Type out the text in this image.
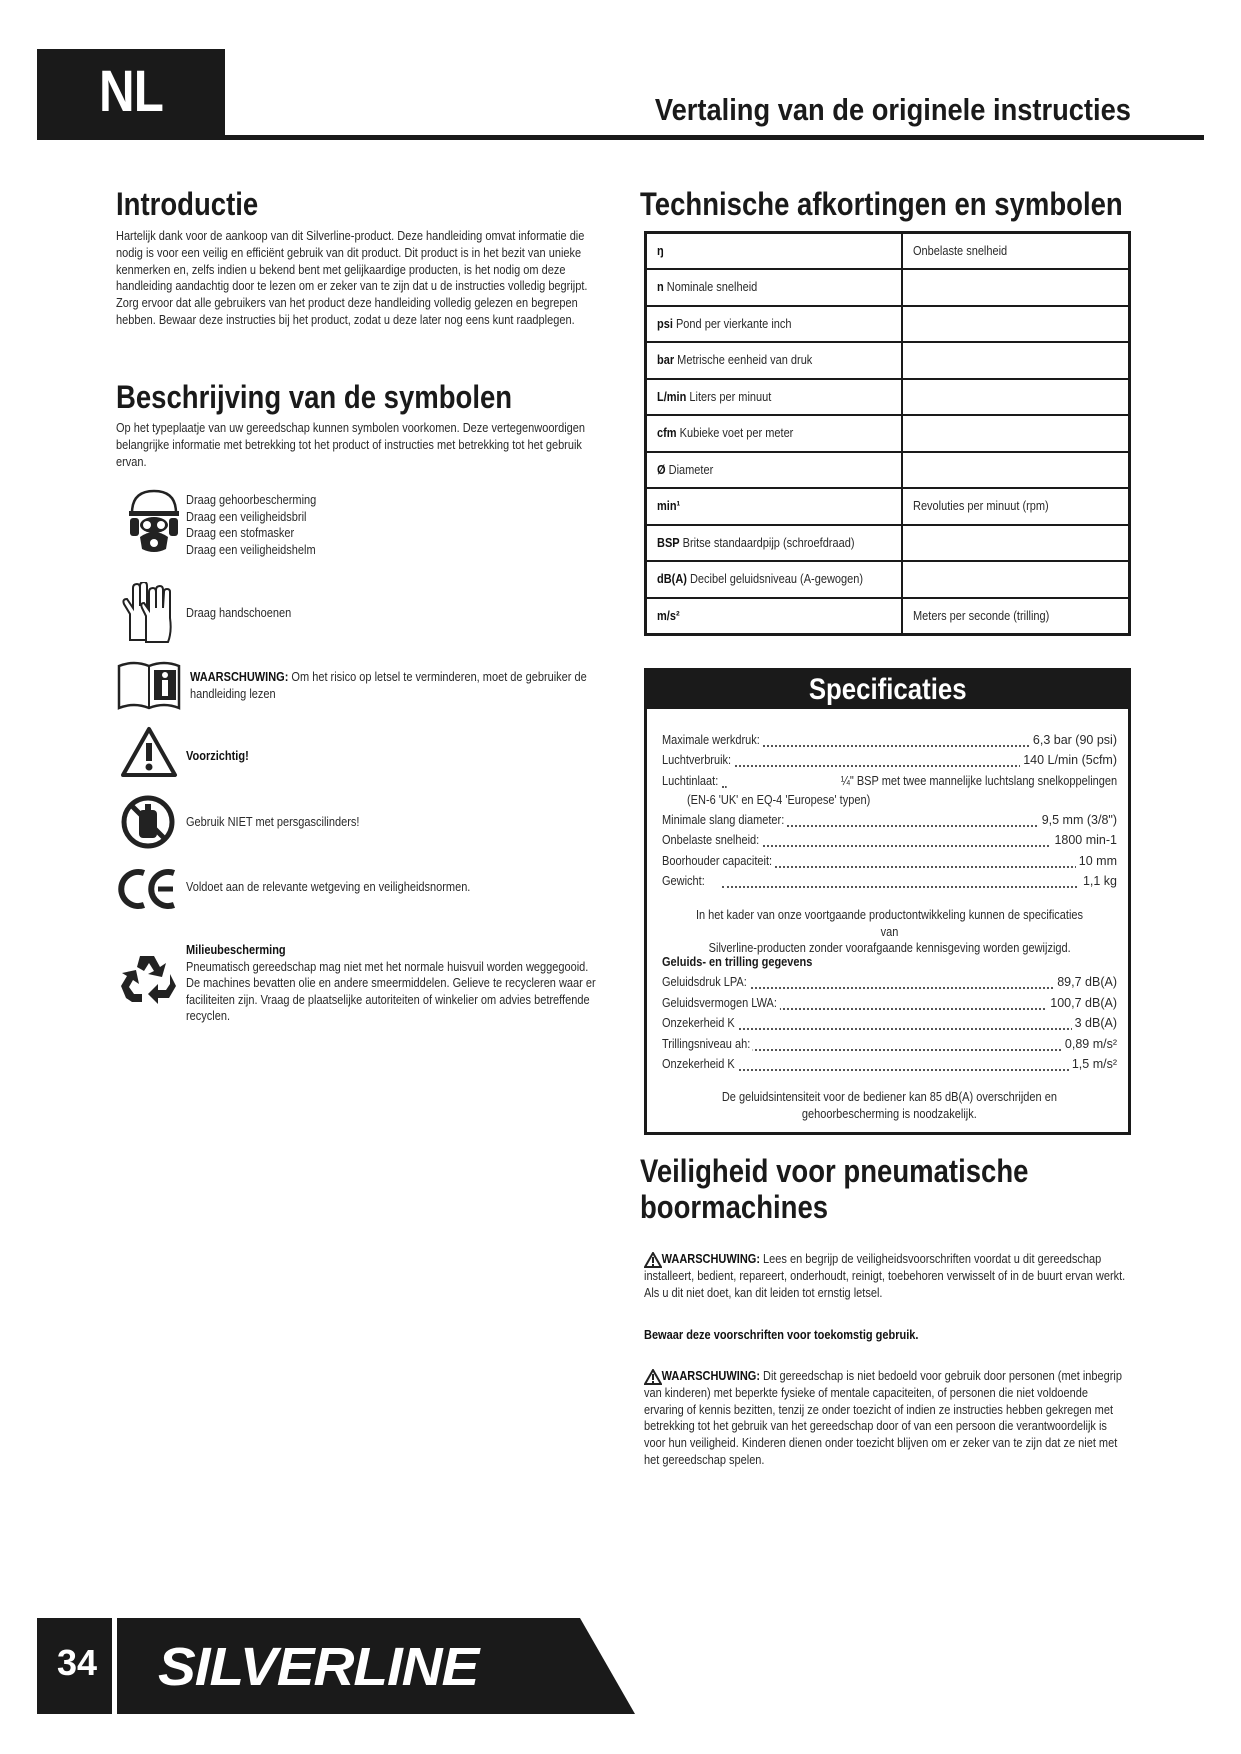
NL	Vertaling van de originele instructies
Introductie
Hartelijk dank voor de aankoop van dit Silverline-product. Deze handleiding omvat informatie die
nodig is voor een veilig en efficiënt gebruik van dit product. Dit product is in het bezit van unieke
kenmerken en, zelfs indien u bekend bent met gelijkaardige producten, is het nodig om deze
handleiding aandachtig door te lezen om er zeker van te zijn dat u de instructies volledig begrijpt.
Zorg ervoor dat alle gebruikers van het product deze handleiding volledig gelezen en begrepen
hebben. Bewaar deze instructies bij het product, zodat u deze later nog eens kunt raadplegen.
Beschrijving van de symbolen
Op het typeplaatje van uw gereedschap kunnen symbolen voorkomen. Deze vertegenwoordigen
belangrijke informatie met betrekking tot het product of instructies met betrekking tot het gebruik
ervan.
Draag gehoorbescherming
Draag een veiligheidsbril
Draag een stofmasker
Draag een veiligheidshelm
Draag handschoenen
WAARSCHUWING: Om het risico op letsel te verminderen, moet de gebruiker de
handleiding lezen
Voorzichtig!
Gebruik NIET met persgascilinders!
Voldoet aan de relevante wetgeving en veiligheidsnormen.
Milieubescherming
Pneumatisch gereedschap mag niet met het normale huisvuil worden weggegooid.
De machines bevatten olie en andere smeermiddelen. Gelieve te recycleren waar er
faciliteiten zijn. Vraag de plaatselijke autoriteiten of winkelier om advies betreffende
recyclen.
Technische afkortingen en symbolen
ŋ	Onbelaste snelheid
n Nominale snelheid	
psi Pond per vierkante inch	
bar Metrische eenheid van druk	
L/min Liters per minuut	
cfm Kubieke voet per meter	
Ø Diameter	
min¹	Revoluties per minuut (rpm)
BSP Britse standaardpijp (schroefdraad)	
dB(A) Decibel geluidsniveau (A-gewogen)	
m/s²	Meters per seconde (trilling)
Specificaties
Maximale werkdruk:	6,3 bar (90 psi)
Luchtverbruik:	140 L/min (5cfm)
Luchtinlaat:	¼" BSP met twee mannelijke luchtslang snelkoppelingen
(EN-6 'UK' en EQ-4 'Europese' typen)
Minimale slang diameter:	9,5 mm (3/8")
Onbelaste snelheid:	1800 min-1
Boorhouder capaciteit:	10 mm
Gewicht:	1,1 kg
In het kader van onze voortgaande productontwikkeling kunnen de specificaties van
Silverline-producten zonder voorafgaande kennisgeving worden gewijzigd.
Geluids- en trilling gegevens
Geluidsdruk LPA:	89,7 dB(A)
Geluidsvermogen LWA:	100,7 dB(A)
Onzekerheid K	3 dB(A)
Trillingsniveau ah:	0,89 m/s²
Onzekerheid K	1,5 m/s²
De geluidsintensiteit voor de bediener kan 85 dB(A) overschrijden en
gehoorbescherming is noodzakelijk.
Veiligheid voor pneumatische
boormachines
WAARSCHUWING: Lees en begrijp de veiligheidsvoorschriften voordat u dit gereedschap
installeert, bedient, repareert, onderhoudt, reinigt, toebehoren verwisselt of in de buurt ervan werkt.
Als u dit niet doet, kan dit leiden tot ernstig letsel.
Bewaar deze voorschriften voor toekomstig gebruik.
WAARSCHUWING: Dit gereedschap is niet bedoeld voor gebruik door personen (met inbegrip
van kinderen) met beperkte fysieke of mentale capaciteiten, of personen die niet voldoende
ervaring of kennis bezitten, tenzij ze onder toezicht of indien ze instructies hebben gekregen met
betrekking tot het gebruik van het gereedschap door of van een persoon die verantwoordelijk is
voor hun veiligheid. Kinderen dienen onder toezicht blijven om er zeker van te zijn dat ze niet met
het gereedschap spelen.
34	SILVERLINE
